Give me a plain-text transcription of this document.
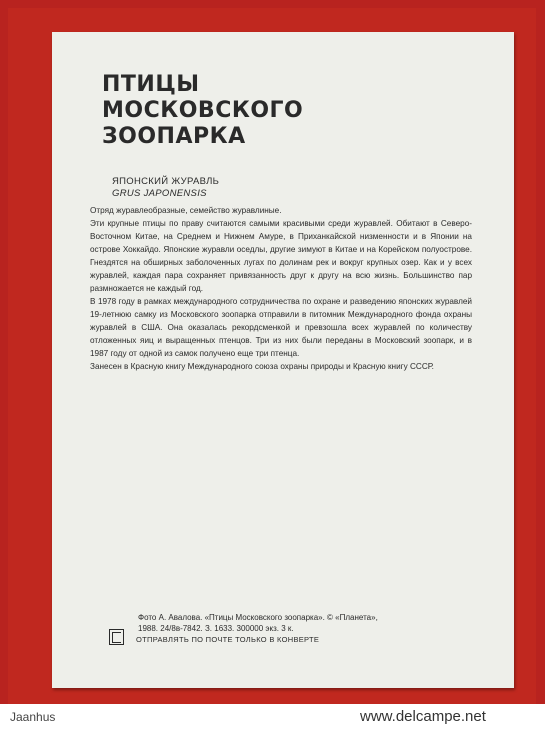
ПТИЦЫ
МОСКОВСКОГО
ЗООПАРКА
ЯПОНСКИЙ ЖУРАВЛЬ
GRUS JAPONENSIS

Отряд журавлеобразные, семейство журавлиные.

Эти крупные птицы по праву считаются самыми красивыми среди журавлей. Обитают в Северо-Восточном Китае, на Среднем и Нижнем Амуре, в Приханкайской низменности и в Японии на острове Хоккайдо. Японские журавли оседлы, другие зимуют в Китае и на Корейском полуострове. Гнездятся на обширных заболоченных лугах по долинам рек и вокруг крупных озер. Как и у всех журавлей, каждая пара сохраняет привязанность друг к другу на всю жизнь. Большинство пар размножается не каждый год.

В 1978 году в рамках международного сотрудничества по охране и разведению японских журавлей 19-летнюю самку из Московского зоопарка отправили в питомник Международного фонда охраны журавлей в США. Она оказалась рекордсменкой и превзошла всех журавлей по количеству отложенных яиц и выращенных птенцов. Три из них были переданы в Московский зоопарк, и в 1987 году от одной из самок получено еще три птенца.

Занесен в Красную книгу Международного союза охраны природы и Красную книгу СССР.

Фото А. Авалова. «Птицы Московского зоопарка». © «Планета»,

1988. 24/8в-7842. З. 1633. 300000 экз. 3 к.

ОТПРАВЛЯТЬ ПО ПОЧТЕ ТОЛЬКО В КОНВЕРТЕ
Jaanhus	www.delcampe.net
